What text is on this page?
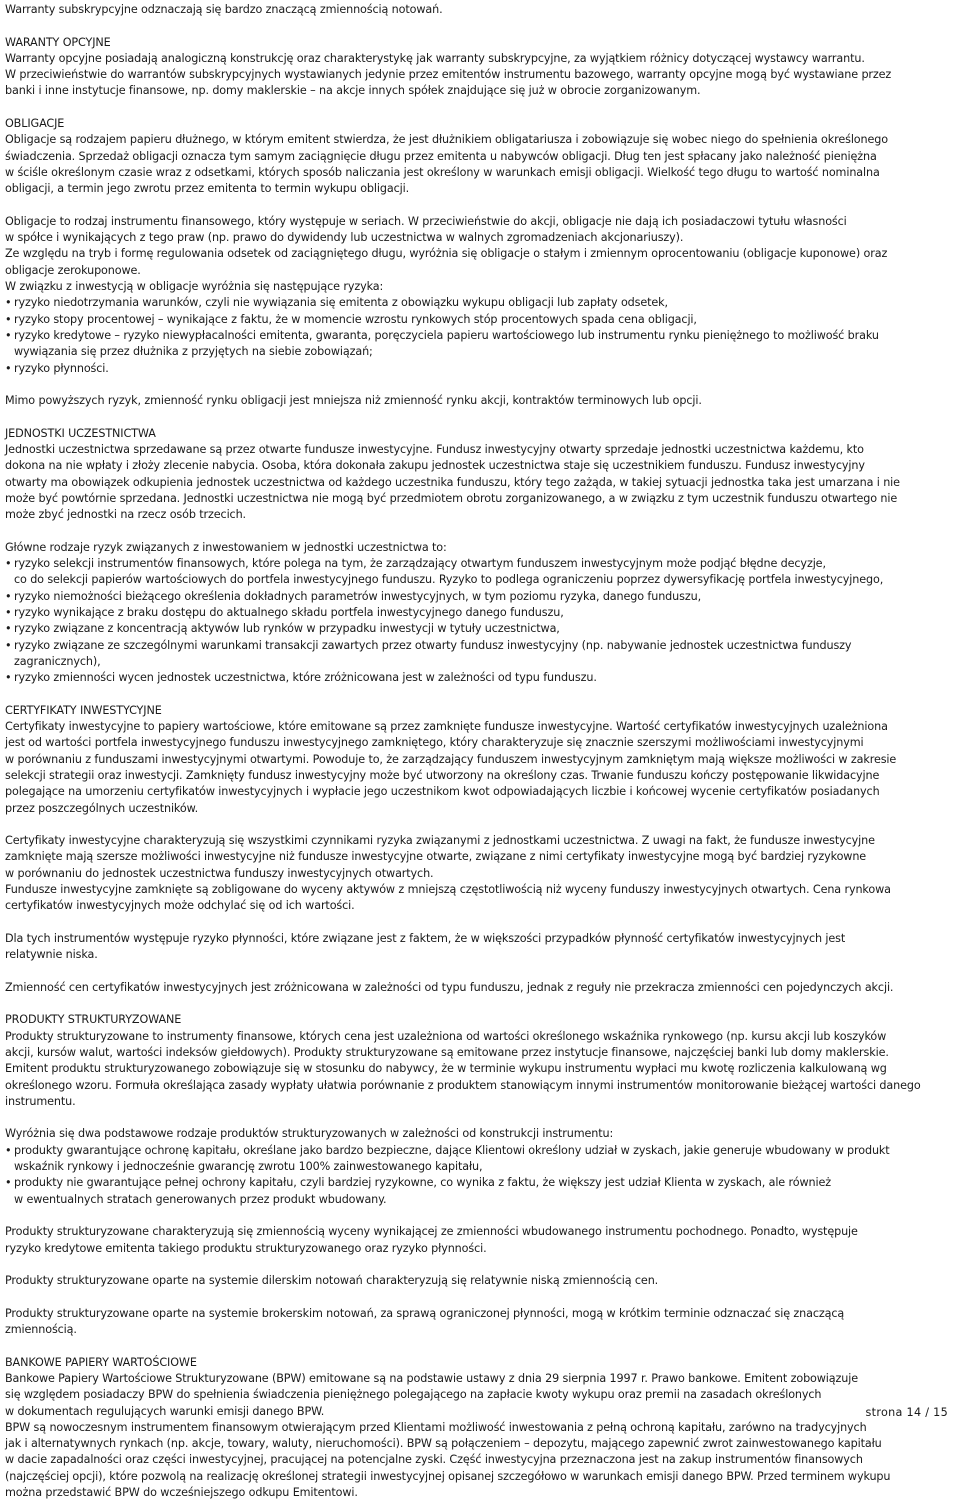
Warranty subskrypcyjne odznaczają się bardzo znaczącą zmiennością notowań.

WARANTY OPCYJNE

Warranty opcyjne posiadają analogiczną konstrukcję oraz charakterystykę jak warranty subskrypcyjne, za wyjątkiem różnicy dotyczącej wystawcy warrantu.
W przeciwieństwie do warrantów subskrypcyjnych wystawianych jedynie przez emitentów instrumentu bazowego, warranty opcyjne mogą być wystawiane przez
banki i inne instytucje finansowe, np. domy maklerskie – na akcje innych spółek znajdujące się już w obrocie zorganizowanym.

OBLIGACJE

Obligacje są rodzajem papieru dłużnego, w którym emitent stwierdza, że jest dłużnikiem obligatariusza i zobowiązuje się wobec niego do spełnienia określonego
świadczenia. Sprzedaż obligacji oznacza tym samym zaciągnięcie długu przez emitenta u nabywców obligacji. Dług ten jest spłacany jako należność pieniężna
w ściśle określonym czasie wraz z odsetkami, których sposób naliczania jest określony w warunkach emisji obligacji. Wielkość tego długu to wartość nominalna
obligacji, a termin jego zwrotu przez emitenta to termin wykupu obligacji.

Obligacje to rodzaj instrumentu finansowego, który występuje w seriach. W przeciwieństwie do akcji, obligacje nie dają ich posiadaczowi tytułu własności
w spółce i wynikających z tego praw (np. prawo do dywidendy lub uczestnictwa w walnych zgromadzeniach akcjonariuszy).
Ze względu na tryb i formę regulowania odsetek od zaciągniętego długu, wyróżnia się obligacje o stałym i zmiennym oprocentowaniu (obligacje kuponowe) oraz
obligacje zerokuponowe.
W związku z inwestycją w obligacje wyróżnia się następujące ryzyka:

• ryzyko niedotrzymania warunków, czyli nie wywiązania się emitenta z obowiązku wykupu obligacji lub zapłaty odsetek,
• ryzyko stopy procentowej – wynikające z faktu, że w momencie wzrostu rynkowych stóp procentowych spada cena obligacji,
• ryzyko kredytowe – ryzyko niewypłacalności emitenta, gwaranta, poręczyciela papieru wartościowego lub instrumentu rynku pieniężnego to możliwość braku
wywiązania się przez dłużnika z przyjętych na siebie zobowiązań;
• ryzyko płynności.

Mimo powyższych ryzyk, zmienność rynku obligacji jest mniejsza niż zmienność rynku akcji, kontraktów terminowych lub opcji.

JEDNOSTKI UCZESTNICTWA

Jednostki uczestnictwa sprzedawane są przez otwarte fundusze inwestycyjne. Fundusz inwestycyjny otwarty sprzedaje jednostki uczestnictwa każdemu, kto
dokona na nie wpłaty i złoży zlecenie nabycia. Osoba, która dokonała zakupu jednostek uczestnictwa staje się uczestnikiem funduszu. Fundusz inwestycyjny
otwarty ma obowiązek odkupienia jednostek uczestnictwa od każdego uczestnika funduszu, który tego zażąda, w takiej sytuacji jednostka taka jest umarzana i nie
może być powtórnie sprzedana. Jednostki uczestnictwa nie mogą być przedmiotem obrotu zorganizowanego, a w związku z tym uczestnik funduszu otwartego nie
może zbyć jednostki na rzecz osób trzecich.

Główne rodzaje ryzyk związanych z inwestowaniem w jednostki uczestnictwa to:

• ryzyko selekcji instrumentów finansowych, które polega na tym, że zarządzający otwartym funduszem inwestycyjnym może podjąć błędne decyzje,
co do selekcji papierów wartościowych do portfela inwestycyjnego funduszu. Ryzyko to podlega ograniczeniu poprzez dywersyfikację portfela inwestycyjnego,
• ryzyko niemożności bieżącego określenia dokładnych parametrów inwestycyjnych, w tym poziomu ryzyka, danego funduszu,
• ryzyko wynikające z braku dostępu do aktualnego składu portfela inwestycyjnego danego funduszu,
• ryzyko związane z koncentracją aktywów lub rynków w przypadku inwestycji w tytuły uczestnictwa,
• ryzyko związane ze szczególnymi warunkami transakcji zawartych przez otwarty fundusz inwestycyjny (np. nabywanie jednostek uczestnictwa funduszy
zagranicznych),
• ryzyko zmienności wycen jednostek uczestnictwa, które zróżnicowana jest w zależności od typu funduszu.
CERTYFIKATY INWESTYCYJNE

Certyfikaty inwestycyjne to papiery wartościowe, które emitowane są przez zamknięte fundusze inwestycyjne. Wartość certyfikatów inwestycyjnych uzależniona
jest od wartości portfela inwestycyjnego funduszu inwestycyjnego zamkniętego, który charakteryzuje się znacznie szerszymi możliwościami inwestycyjnymi
w porównaniu z funduszami inwestycyjnymi otwartymi. Powoduje to, że zarządzający funduszem inwestycyjnym zamkniętym mają większe możliwości w zakresie
selekcji strategii oraz inwestycji. Zamknięty fundusz inwestycyjny może być utworzony na określony czas. Trwanie funduszu kończy postępowanie likwidacyjne
polegające na umorzeniu certyfikatów inwestycyjnych i wypłacie jego uczestnikom kwot odpowiadających liczbie i końcowej wycenie certyfikatów posiadanych
przez poszczególnych uczestników.

Certyfikaty inwestycyjne charakteryzują się wszystkimi czynnikami ryzyka związanymi z jednostkami uczestnictwa. Z uwagi na fakt, że fundusze inwestycyjne
zamknięte mają szersze możliwości inwestycyjne niż fundusze inwestycyjne otwarte, związane z nimi certyfikaty inwestycyjne mogą być bardziej ryzykowne
w porównaniu do jednostek uczestnictwa funduszy inwestycyjnych otwartych.
Fundusze inwestycyjne zamknięte są zobligowane do wyceny aktywów z mniejszą częstotliwością niż wyceny funduszy inwestycyjnych otwartych. Cena rynkowa
certyfikatów inwestycyjnych może odchylać się od ich wartości.

Dla tych instrumentów występuje ryzyko płynności, które związane jest z faktem, że w większości przypadków płynność certyfikatów inwestycyjnych jest
relatywnie niska.

Zmienność cen certyfikatów inwestycyjnych jest zróżnicowana w zależności od typu funduszu, jednak z reguły nie przekracza zmienności cen pojedynczych akcji.

PRODUKTY STRUKTURYZOWANE

Produkty strukturyzowane to instrumenty finansowe, których cena jest uzależniona od wartości określonego wskaźnika rynkowego (np. kursu akcji lub koszyków
akcji, kursów walut, wartości indeksów giełdowych). Produkty strukturyzowane są emitowane przez instytucje finansowe, najczęściej banki lub domy maklerskie.
Emitent produktu strukturyzowanego zobowiązuje się w stosunku do nabywcy, że w terminie wykupu instrumentu wypłaci mu kwotę rozliczenia kalkulowaną wg
określonego wzoru. Formuła określająca zasady wypłaty ułatwia porównanie z produktem stanowiącym innymi instrumentów monitorowanie bieżącej wartości danego instrumentu.

Wyróżnia się dwa podstawowe rodzaje produktów strukturyzowanych w zależności od konstrukcji instrumentu:

• produkty gwarantujące ochronę kapitału, określane jako bardzo bezpieczne, dające Klientowi określony udział w zyskach, jakie generuje wbudowany w produkt
wskaźnik rynkowy i jednocześnie gwarancję zwrotu 100% zainwestowanego kapitału,
• produkty nie gwarantujące pełnej ochrony kapitału, czyli bardziej ryzykowne, co wynika z faktu, że większy jest udział Klienta w zyskach, ale również
w ewentualnych stratach generowanych przez produkt wbudowany.

Produkty strukturyzowane charakteryzują się zmiennością wyceny wynikającej ze zmienności wbudowanego instrumentu pochodnego. Ponadto, występuje
ryzyko kredytowe emitenta takiego produktu strukturyzowanego oraz ryzyko płynności.

Produkty strukturyzowane oparte na systemie dilerskim notowań charakteryzują się relatywnie niską zmiennością cen.

Produkty strukturyzowane oparte na systemie brokerskim notowań, za sprawą ograniczonej płynności, mogą w krótkim terminie odznaczać się znaczącą
zmiennością.

BANKOWE PAPIERY WARTOŚCIOWE

Bankowe Papiery Wartościowe Strukturyzowane (BPW) emitowane są na podstawie ustawy z dnia 29 sierpnia 1997 r. Prawo bankowe. Emitent zobowiązuje
się względem posiadaczy BPW do spełnienia świadczenia pieniężnego polegającego na zapłacie kwoty wykupu oraz premii na zasadach określonych
w dokumentach regulujących warunki emisji danego BPW.
BPW są nowoczesnym instrumentem finansowym otwierającym przed Klientami możliwość inwestowania z pełną ochroną kapitału, zarówno na tradycyjnych
jak i alternatywnych rynkach (np. akcje, towary, waluty, nieruchomości). BPW są połączeniem – depozytu, mającego zapewnić zwrot zainwestowanego kapitału
w dacie zapadalności oraz części inwestycyjnej, pracującej na potencjalne zyski. Część inwestycyjna przeznaczona jest na zakup instrumentów finansowych
(najczęściej opcji), które pozwolą na realizację określonej strategii inwestycyjnej opisanej szczegółowo w warunkach emisji danego BPW. Przed terminem wykupu
można przedstawić BPW do wcześniejszego odkupu Emitentowi.

strona 14 / 15
